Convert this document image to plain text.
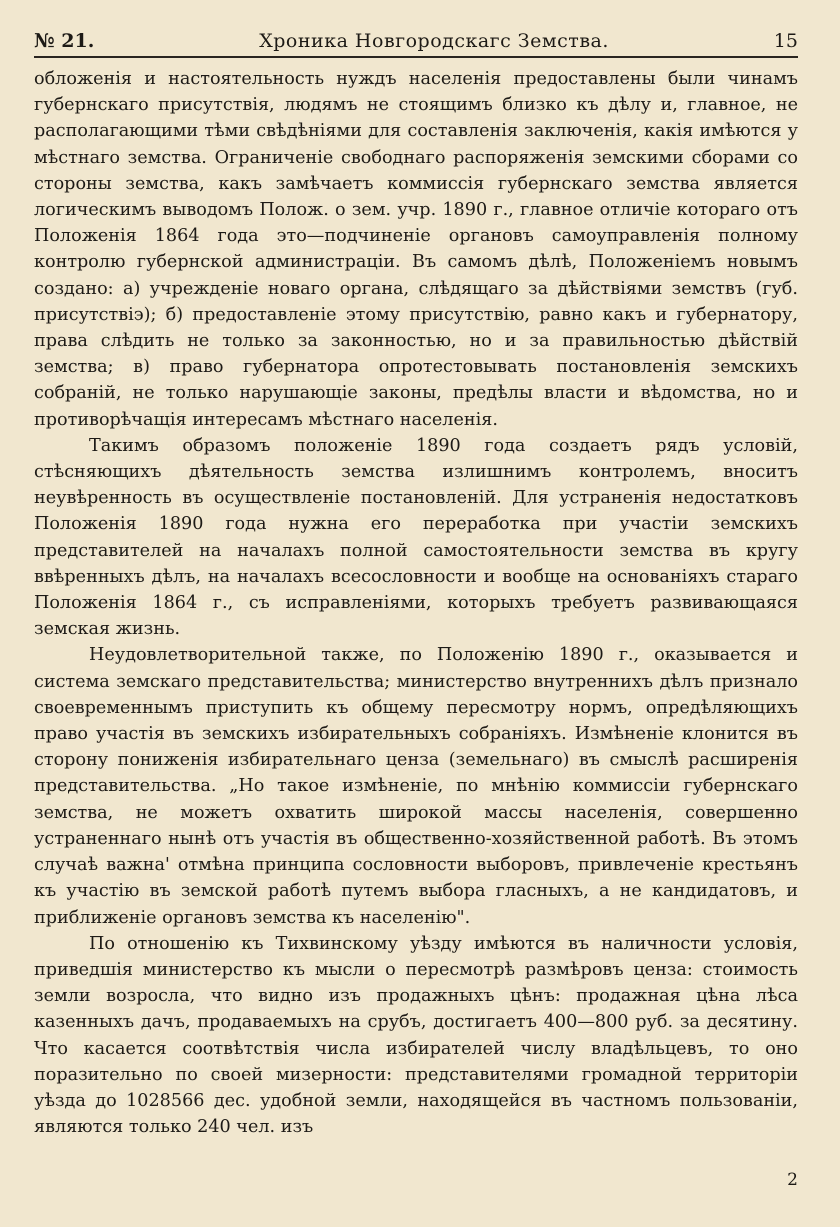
№ 21.	Хроника Новгородскагс Земства.	15

обложенія и настоятельность нуждъ населенія предоставлены были чинамъ губернскаго присутствія, людямъ не стоящимъ близко къ дѣлу и, главное, не располагающими тѣми свѣдѣніями для составленія заключенія, какія имѣются у мѣстнаго земства. Ограниченіе свободнаго распоряженія земскими сборами со стороны земства, какъ замѣчаетъ коммиссія губернскаго земства является логическимъ выводомъ Полож. о зем. учр. 1890 г., главное отличіе котораго отъ Положенія 1864 года это—подчиненіе органовъ самоуправленія полному контролю губернской администраціи. Въ самомъ дѣлѣ, Положеніемъ новымъ создано: а) учрежденіе новаго органа, слѣдящаго за дѣйствіями земствъ (губ. присутствіэ); б) предоставленіе этому присутствію, равно какъ и губернатору, права слѣдить не только за законностью, но и за правильностью дѣйствій земства; в) право губернатора опротестовывать постановленія земскихъ собраній, не только нарушающіе законы, предѣлы власти и вѣдомства, но и противорѣчащія интересамъ мѣстнаго населенія.

Такимъ образомъ положеніе 1890 года создаетъ рядъ условій, стѣсняющихъ дѣятельность земства излишнимъ контролемъ, вноситъ неувѣренность въ осуществленіе постановленій. Для устраненія недостатковъ Положенія 1890 года нужна его переработка при участіи земскихъ представителей на началахъ полной самостоятельности земства въ кругу ввѣренныхъ дѣлъ, на началахъ всесословности и вообще на основаніяхъ стараго Положенія 1864 г., съ исправленіями, которыхъ требуетъ развивающаяся земская жизнь.

Неудовлетворительной также, по Положенію 1890 г., оказывается и система земскаго представительства; министерство внутреннихъ дѣлъ признало своевременнымъ приступить къ общему пересмотру нормъ, опредѣляющихъ право участія въ земскихъ избирательныхъ собраніяхъ. Измѣненіе клонится въ сторону пониженія избирательнаго ценза (земельнаго) въ смыслѣ расширенія представительства. „Но такое измѣненіе, по мнѣнію коммиссіи губернскаго земства, не можетъ охватить широкой массы населенія, совершенно устраненнаго нынѣ отъ участія въ общественно-хозяйственной работѣ. Въ этомъ случаѣ важна' отмѣна принципа сословности выборовъ, привлеченіе крестьянъ къ участію въ земской работѣ путемъ выбора гласныхъ, а не кандидатовъ, и приближеніе органовъ земства къ населенію".

По отношенію къ Тихвинскому уѣзду имѣются въ наличности условія, приведшія министерство къ мысли о пересмотрѣ размѣровъ ценза: стоимость земли возросла, что видно изъ продажныхъ цѣнъ: продажная цѣна лѣса казенныхъ дачъ, продаваемыхъ на срубъ, достигаетъ 400—800 руб. за десятину. Что касается соотвѣтствія числа избирателей числу владѣльцевъ, то оно поразительно по своей мизерности: представителями громадной территоріи уѣзда до 1028566 дес. удобной земли, находящейся въ частномъ пользованіи, являются только 240 чел. изъ

2
